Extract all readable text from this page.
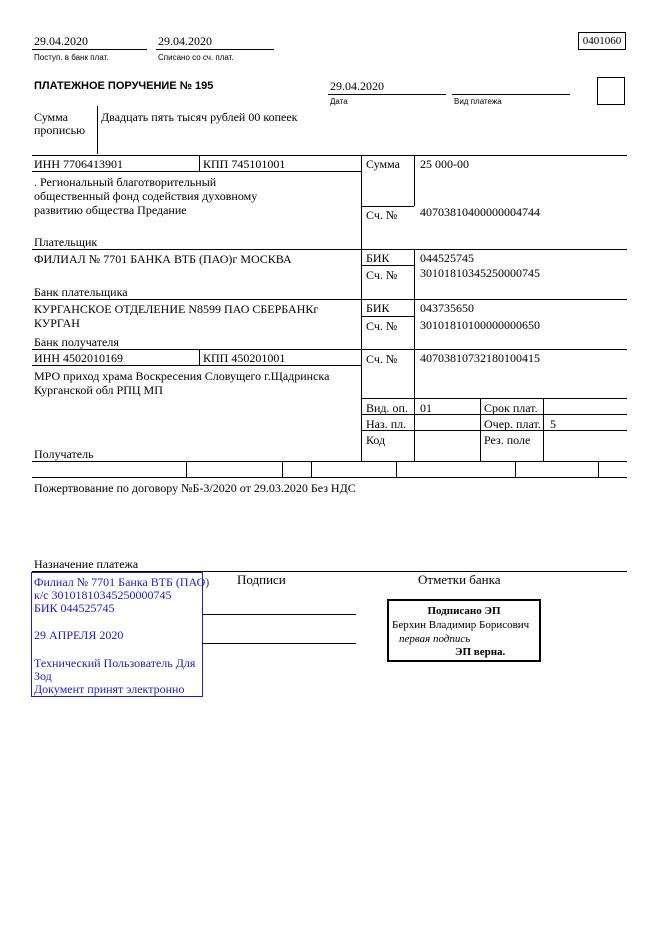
29.04.2020
Поступ. в банк плат.
29.04.2020
Списано со сч. плат.
0401060
ПЛАТЕЖНОЕ ПОРУЧЕНИЕ № 195	29.04.2020
Дата	Вид платежа
Сумма
прописью
Двадцать пять тысяч рублей 00 копеек
ИНН 7706413901	КПП 745101001
. Региональный благотворительный
общественный фонд содействия духовному
развитию общества Предание
Плательщик
ФИЛИАЛ № 7701 БАНКА ВТБ (ПАО)г МОСКВА
Банк плательщика
КУРГАНСКОЕ ОТДЕЛЕНИЕ N8599 ПАО СБЕРБАНКг
КУРГАН
Банк получателя
ИНН 4502010169	КПП 450201001
МРО приход храма Воскресения Словущего г.Щадринска
Курганской обл РПЦ МП
Получатель
Сумма 25 000-00
Сч. № 40703810400000004744
БИК	044525745
Сч. № 30101810345250000745
БИК	043735650
Сч. № 30101810100000000650
Сч. № 40703810732180100415
Вид. оп. 01	Срок плат.
Наз. пл.	Очер. плат. 5
Код	Рез. поле
Пожертвование по договору №Б-3/2020 от 29.03.2020 Без НДС
Назначение платежа
Подписи	Отметки банка
Филиал № 7701 Банка ВТБ (ПАО)
к/с 30101810345250000745
БИК 044525745
29 АПРЕЛЯ 2020
Технический Пользователь Для
Зод
Документ принят электронно
Подписано ЭП
Берхин Владимир Борисович
первая подпись
ЭП верна.
